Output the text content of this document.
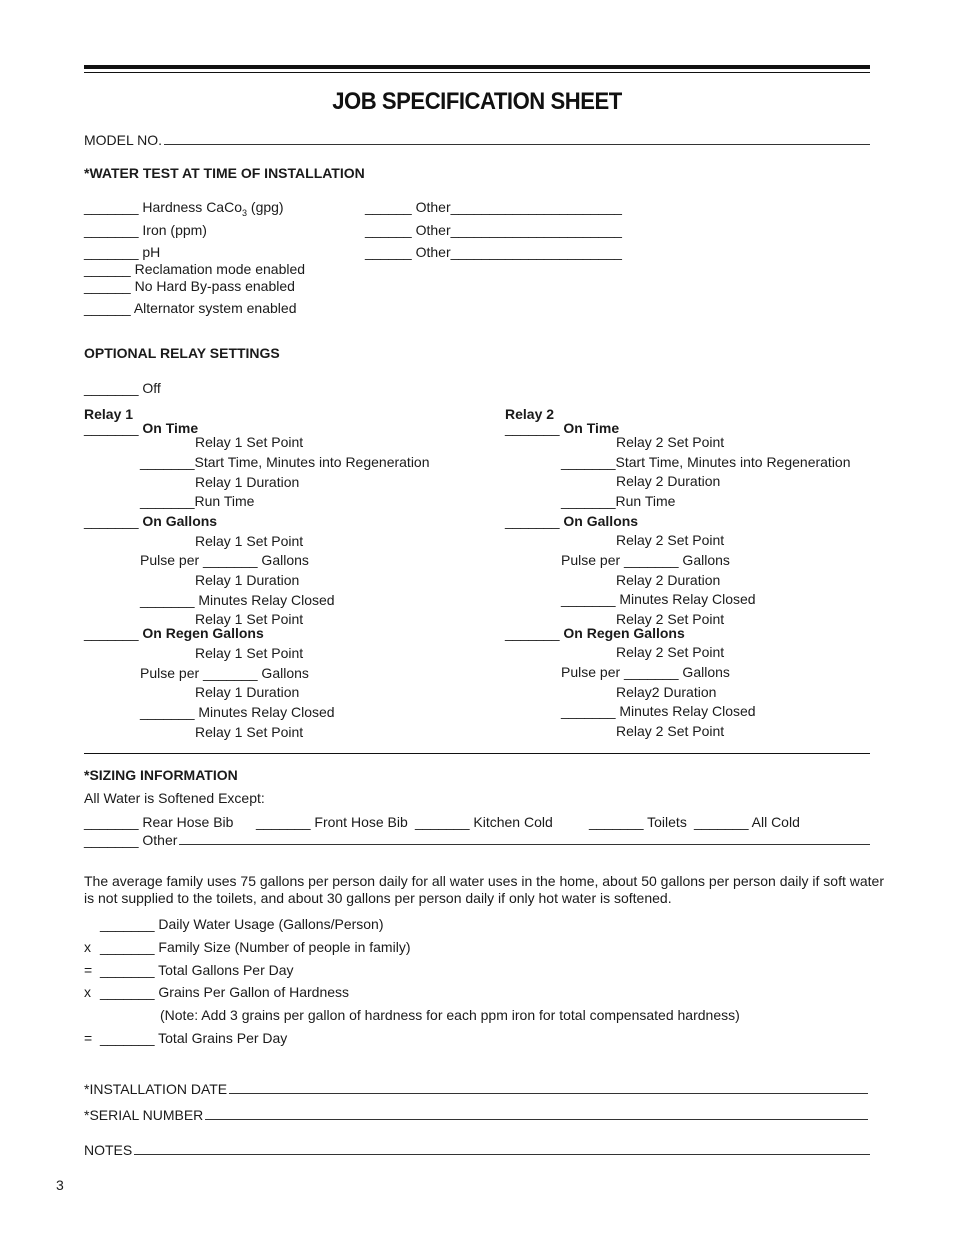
JOB SPECIFICATION SHEET
MODEL NO.
*WATER TEST AT TIME OF INSTALLATION
_______ Hardness CaCo$_3$ (gpg)
_______ Iron (ppm)
_______ pH
______ Reclamation mode enabled
______ No Hard By-pass enabled
______ Alternator system enabled
______ Other______________________
______ Other______________________
______ Other______________________
OPTIONAL RELAY SETTINGS
_______ Off
Relay 1
_______ On Time
Relay 1 Set Point
_______Start Time, Minutes into Regeneration
Relay 1 Duration
_______Run Time
_______ On Gallons
Relay 1 Set Point
Pulse per _______ Gallons
Relay 1 Duration
_______ Minutes Relay Closed
Relay 1 Set Point
_______ On Regen Gallons
Relay 1 Set Point
Pulse per _______ Gallons
Relay 1 Duration
_______ Minutes Relay Closed
Relay 1 Set Point
Relay 2
_______ On Time
Relay 2 Set Point
_______Start Time, Minutes into Regeneration
Relay 2 Duration
_______Run Time
_______ On Gallons
Relay 2 Set Point
Pulse per _______ Gallons
Relay 2 Duration
_______ Minutes Relay Closed
Relay 2 Set Point
_______ On Regen Gallons
Relay 2 Set Point
Pulse per _______ Gallons
Relay2 Duration
_______ Minutes Relay Closed
Relay 2 Set Point
*SIZING INFORMATION
All Water is Softened Except:
_______ Rear Hose Bib _______ Front Hose Bib _______ Kitchen Cold	_______ Toilets _______ All Cold
_______ Other
The average family uses 75 gallons per person daily for all water uses in the home, about 50 gallons per person daily if soft water
is not supplied to the toilets, and about 30 gallons per person daily if only hot water is softened.
_______ Daily Water Usage (Gallons/Person)
x _______ Family Size (Number of people in family)
= _______ Total Gallons Per Day
x _______ Grains Per Gallon of Hardness
(Note: Add 3 grains per gallon of hardness for each ppm iron for total compensated hardness)
= _______ Total Grains Per Day
*INSTALLATION DATE
*SERIAL NUMBER
NOTES
3
